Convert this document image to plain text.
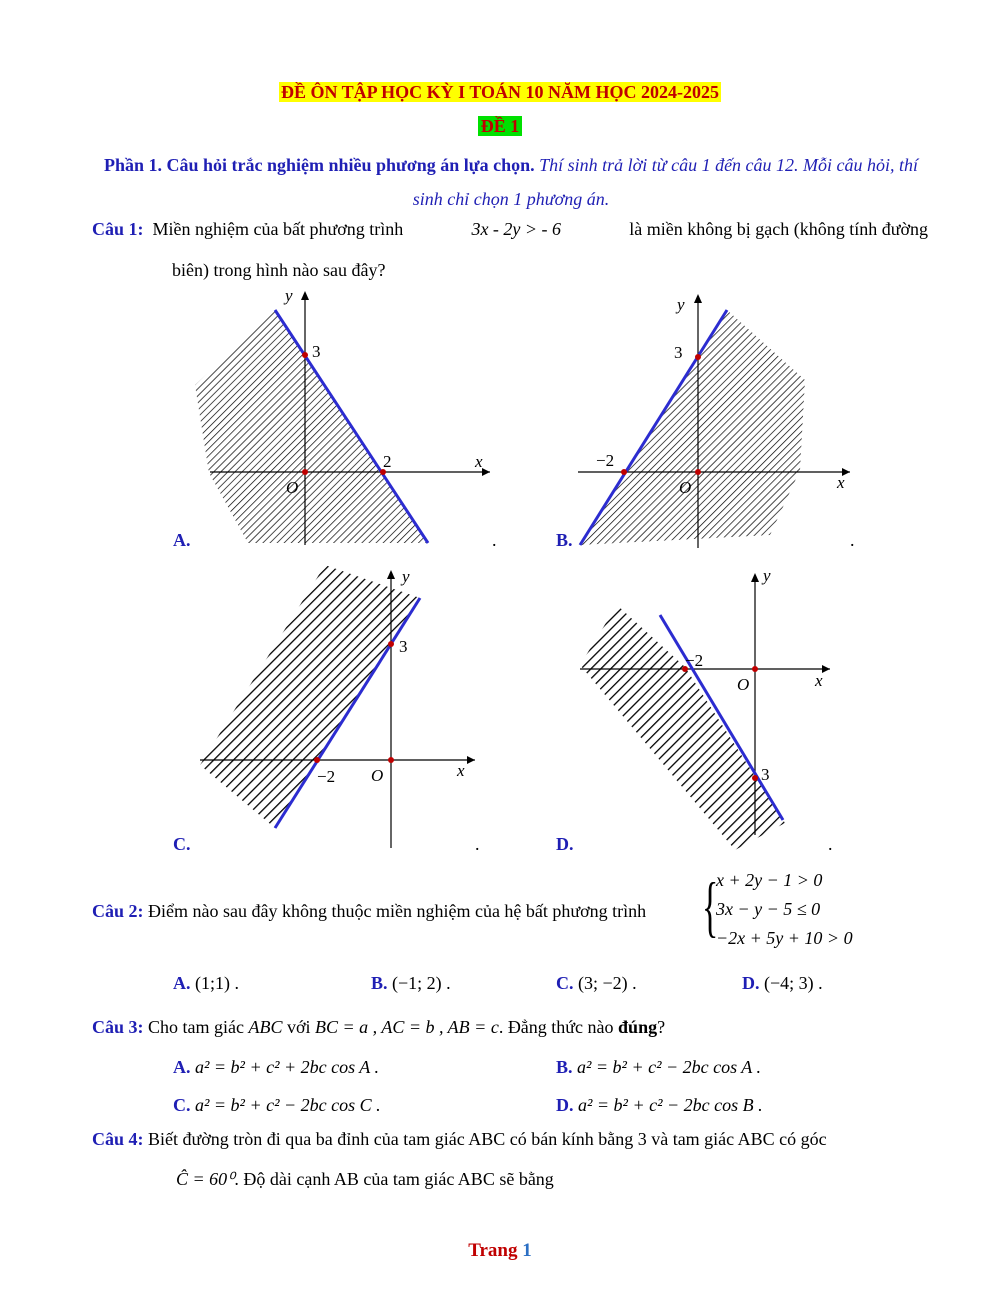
ĐỀ ÔN TẬP HỌC KỲ I TOÁN 10 NĂM HỌC 2024-2025
ĐỀ 1
Phần 1. Câu hỏi trắc nghiệm nhiều phương án lựa chọn. Thí sinh trả lời từ câu 1 đến câu 12. Mỗi câu hỏi, thí sinh chỉ chọn 1 phương án.
Câu 1: Miền nghiệm của bất phương trình	3x - 2y > - 6	là miền không bị gạch (không tính đường
biên) trong hình nào sau đây?
y
3
2	x
O
A.	.
y
3
−2
x
O
B.	.
y
3
−2	x
O
C.	.
y
3
−2
x
O
D.	.
Câu 2: Điểm nào sau đây không thuộc miền nghiệm của hệ bất phương trình {
x + 2y − 1 > 0
3x − y − 5 ≤ 0
−2x + 5y + 10 > 0
A. (1;1) .	B. (−1; 2) .	C. (3; −2) .	D. (−4; 3) .
Câu 3: Cho tam giác ABC với BC = a , AC = b , AB = c. Đẳng thức nào đúng?
A. a² = b² + c² + 2bc cos A .	B. a² = b² + c² − 2bc cos A .
C. a² = b² + c² − 2bc cos C .	D. a² = b² + c² − 2bc cos B .
Câu 4: Biết đường tròn đi qua ba đỉnh của tam giác ABC có bán kính bằng 3 và tam giác ABC có góc
Ĉ = 60⁰. Độ dài cạnh AB của tam giác ABC sẽ bằng
Trang 1
